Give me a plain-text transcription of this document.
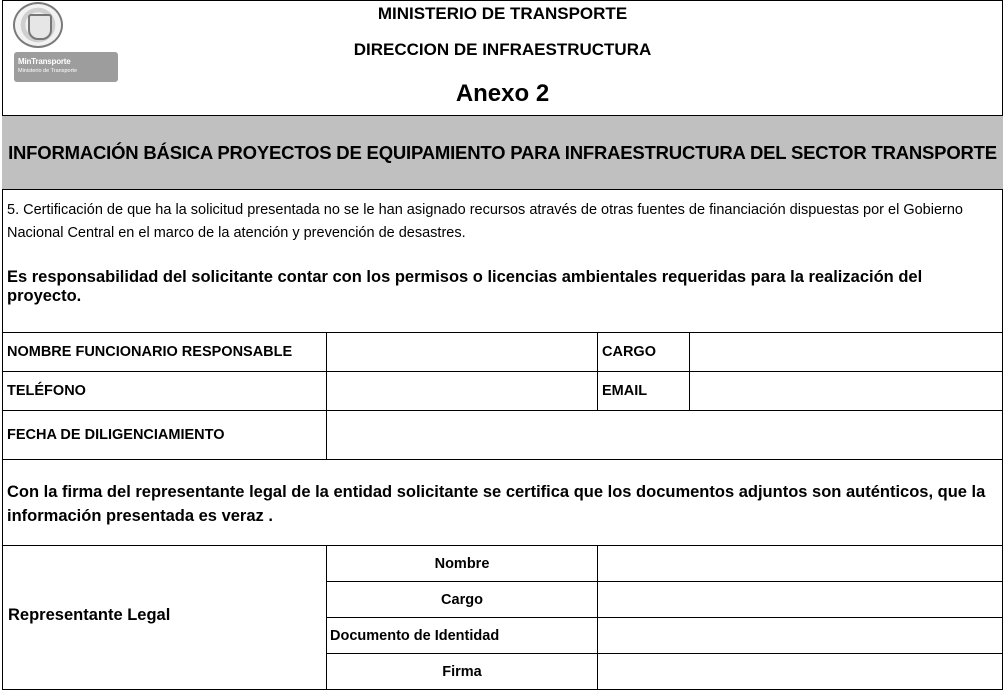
MinTransporte
Ministerio de Transporte
MINISTERIO DE TRANSPORTE
DIRECCION DE INFRAESTRUCTURA
Anexo 2
INFORMACIÓN BÁSICA PROYECTOS DE EQUIPAMIENTO PARA INFRAESTRUCTURA DEL SECTOR TRANSPORTE
5. Certificación de que ha la solicitud presentada no se le han asignado recursos através de otras fuentes de financiación dispuestas por el Gobierno Nacional Central en el marco de la atención y prevención de desastres.
Es responsabilidad del solicitante contar con los permisos o licencias ambientales requeridas para la realización del proyecto.
NOMBRE FUNCIONARIO RESPONSABLE	CARGO
TELÉFONO	EMAIL
FECHA DE DILIGENCIAMIENTO
Con la firma del representante legal de la entidad solicitante se certifica que los documentos adjuntos son auténticos, que la información presentada es veraz .
Representante Legal
Nombre
Cargo
Documento de Identidad
Firma
